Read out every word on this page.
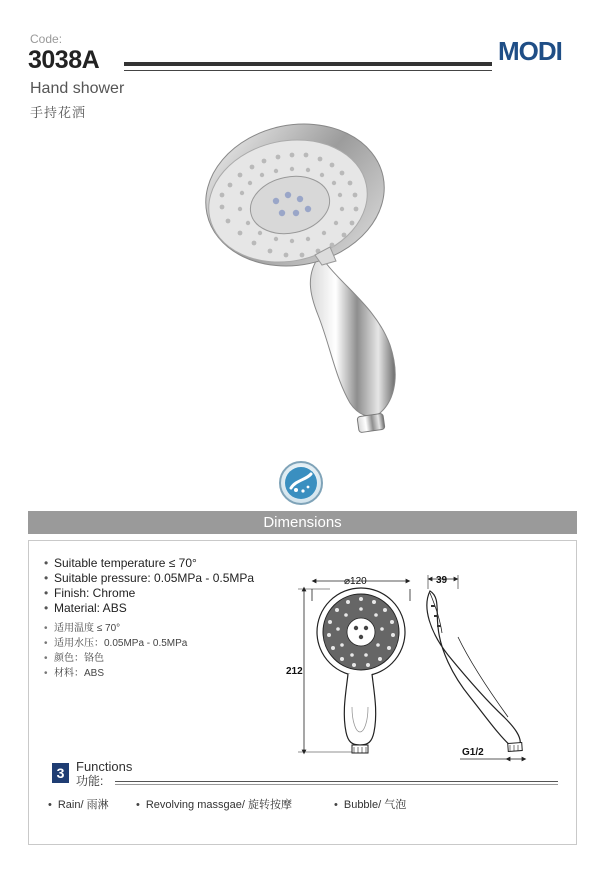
Code:
3038A	MODI
Hand shower
手持花洒
Dimensions
• Suitable temperature ≤ 70°
• Suitable pressure: 0.05MPa - 0.5MPa
• Finish: Chrome
• Material: ABS
• 适用温度 ≤ 70°
• 适用水压：0.05MPa - 0.5MPa
• 颜色：铬色
• 材料：ABS
⌀120
212
39
G1/2
3 Functions
功能:
• Rain/ 雨淋 • Revolving massgae/ 旋转按摩	• Bubble/ 气泡
